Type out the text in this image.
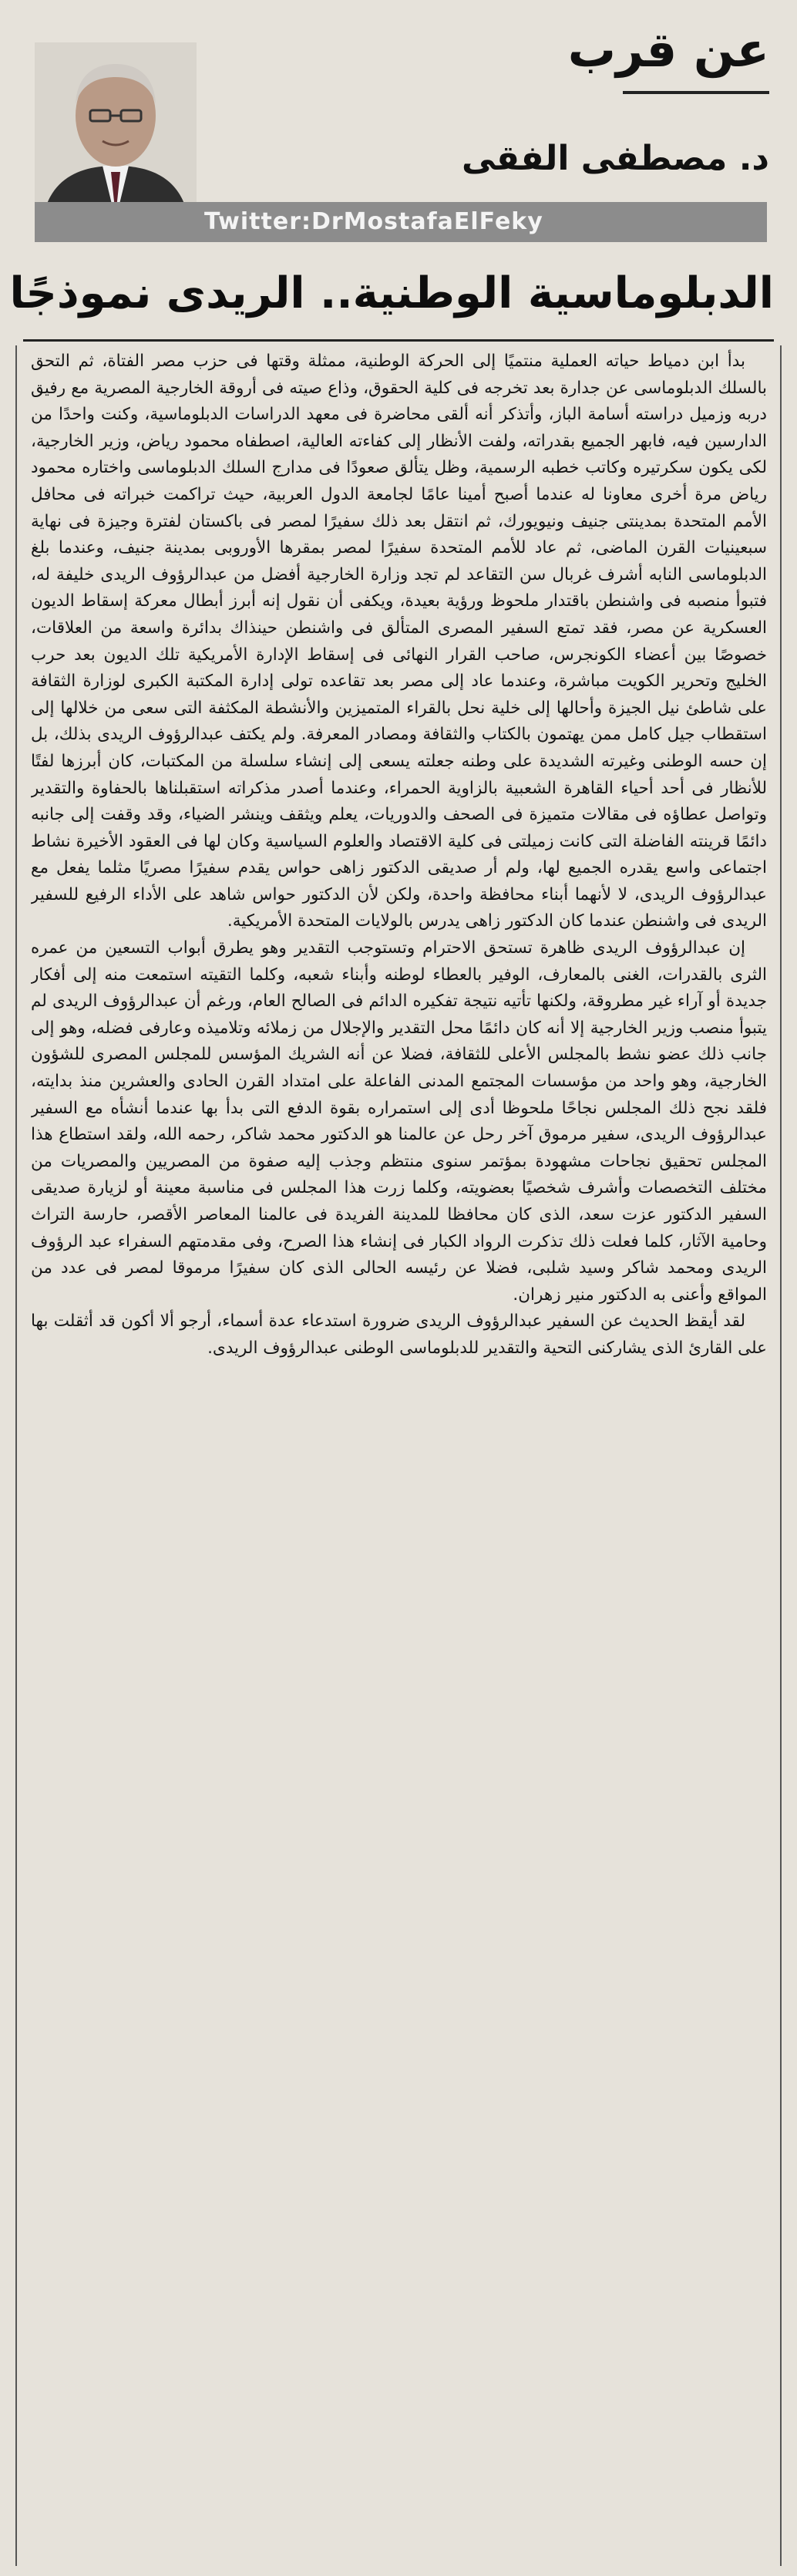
عن قرب
د. مصطفى الفقى
Twitter:DrMostafaElFeky
الدبلوماسية الوطنية.. الريدى نموذجًا

بدأ ابن دمياط حياته العملية منتميًا إلى الحركة الوطنية، ممثلة وقتها فى حزب مصر الفتاة، ثم التحق بالسلك الدبلوماسى عن جدارة بعد تخرجه فى كلية الحقوق، وذاع صيته فى أروقة الخارجية المصرية مع رفيق دربه وزميل دراسته أسامة الباز، وأتذكر أنه ألقى محاضرة فى معهد الدراسات الدبلوماسية، وكنت واحدًا من الدارسين فيه، فابهر الجميع بقدراته، ولفت الأنظار إلى كفاءته العالية، اصطفاه محمود رياض، وزير الخارجية، لكى يكون سكرتيره وكاتب خطبه الرسمية، وظل يتألق صعودًا فى مدارج السلك الدبلوماسى واختاره محمود رياض مرة أخرى معاونا له عندما أصبح أمينا عامًا لجامعة الدول العربية، حيث تراكمت خبراته فى محافل الأمم المتحدة بمدينتى جنيف ونيويورك، ثم انتقل بعد ذلك سفيرًا لمصر فى باكستان لفترة وجيزة فى نهاية سبعينيات القرن الماضى، ثم عاد للأمم المتحدة سفيرًا لمصر بمقرها الأوروبى بمدينة جنيف، وعندما بلغ الدبلوماسى النابه أشرف غربال سن التقاعد لم تجد وزارة الخارجية أفضل من عبدالرؤوف الريدى خليفة له، فتبوأ منصبه فى واشنطن باقتدار ملحوظ ورؤية بعيدة، ويكفى أن نقول إنه أبرز أبطال معركة إسقاط الديون العسكرية عن مصر، فقد تمتع السفير المصرى المتألق فى واشنطن حينذاك بدائرة واسعة من العلاقات، خصوصًا بين أعضاء الكونجرس، صاحب القرار النهائى فى إسقاط الإدارة الأمريكية تلك الديون بعد حرب الخليج وتحرير الكويت مباشرة، وعندما عاد إلى مصر بعد تقاعده تولى إدارة المكتبة الكبرى لوزارة الثقافة على شاطئ نيل الجيزة وأحالها إلى خلية نحل بالقراء المتميزين والأنشطة المكثفة التى سعى من خلالها إلى استقطاب جيل كامل ممن يهتمون بالكتاب والثقافة ومصادر المعرفة. ولم يكتف عبدالرؤوف الريدى بذلك، بل إن حسه الوطنى وغيرته الشديدة على وطنه جعلته يسعى إلى إنشاء سلسلة من المكتبات، كان أبرزها لفتًا للأنظار فى أحد أحياء القاهرة الشعبية بالزاوية الحمراء، وعندما أصدر مذكراته استقبلناها بالحفاوة والتقدير وتواصل عطاؤه فى مقالات متميزة فى الصحف والدوريات، يعلم ويثقف وينشر الضياء، وقد وقفت إلى جانبه دائمًا قرينته الفاضلة التى كانت زميلتى فى كلية الاقتصاد والعلوم السياسية وكان لها فى العقود الأخيرة نشاط اجتماعى واسع يقدره الجميع لها، ولم أر صديقى الدكتور زاهى حواس يقدم سفيرًا مصريًا مثلما يفعل مع عبدالرؤوف الريدى، لا لأنهما أبناء محافظة واحدة، ولكن لأن الدكتور حواس شاهد على الأداء الرفيع للسفير الريدى فى واشنطن عندما كان الدكتور زاهى يدرس بالولايات المتحدة الأمريكية.

إن عبدالرؤوف الريدى ظاهرة تستحق الاحترام وتستوجب التقدير وهو يطرق أبواب التسعين من عمره الثرى بالقدرات، الغنى بالمعارف، الوفير بالعطاء لوطنه وأبناء شعبه، وكلما التقيته استمعت منه إلى أفكار جديدة أو آراء غير مطروقة، ولكنها تأتيه نتيجة تفكيره الدائم فى الصالح العام، ورغم أن عبدالرؤوف الريدى لم يتبوأ منصب وزير الخارجية إلا أنه كان دائمًا محل التقدير والإجلال من زملائه وتلاميذه وعارفى فضله، وهو إلى جانب ذلك عضو نشط بالمجلس الأعلى للثقافة، فضلا عن أنه الشريك المؤسس للمجلس المصرى للشؤون الخارجية، وهو واحد من مؤسسات المجتمع المدنى الفاعلة على امتداد القرن الحادى والعشرين منذ بدايته، فلقد نجح ذلك المجلس نجاحًا ملحوظا أدى إلى استمراره بقوة الدفع التى بدأ بها عندما أنشأه مع السفير عبدالرؤوف الريدى، سفير مرموق آخر رحل عن عالمنا هو الدكتور محمد شاكر، رحمه الله، ولقد استطاع هذا المجلس تحقيق نجاحات مشهودة بمؤتمر سنوى منتظم وجذب إليه صفوة من المصريين والمصريات من مختلف التخصصات وأشرف شخصيًا بعضويته، وكلما زرت هذا المجلس فى مناسبة معينة أو لزيارة صديقى السفير الدكتور عزت سعد، الذى كان محافظا للمدينة الفريدة فى عالمنا المعاصر الأقصر، حارسة التراث وحامية الآثار، كلما فعلت ذلك تذكرت الرواد الكبار فى إنشاء هذا الصرح، وفى مقدمتهم السفراء عبد الرؤوف الريدى ومحمد شاكر وسيد شلبى، فضلا عن رئيسه الحالى الذى كان سفيرًا مرموقا لمصر فى عدد من المواقع وأعنى به الدكتور منير زهران.

لقد أيقظ الحديث عن السفير عبدالرؤوف الريدى ضرورة استدعاء عدة أسماء، أرجو ألا أكون قد أثقلت بها على القارئ الذى يشاركنى التحية والتقدير للدبلوماسى الوطنى عبدالرؤوف الريدى.
